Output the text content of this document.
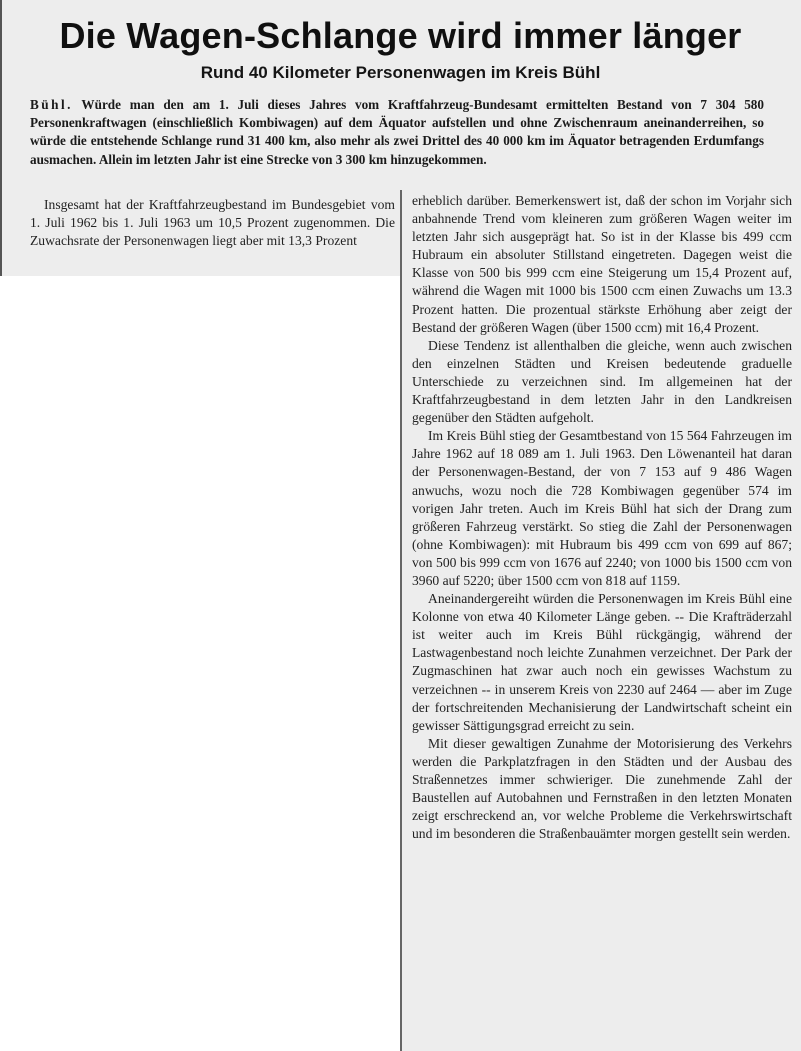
Die Wagen-Schlange wird immer länger
Rund 40 Kilometer Personenwagen im Kreis Bühl
Bühl. Würde man den am 1. Juli dieses Jahres vom Kraftfahrzeug-Bundesamt ermittelten Bestand von 7 304 580 Personenkraftwagen (einschließlich Kombiwagen) auf dem Äquator aufstellen und ohne Zwischenraum aneinanderreihen, so würde die entstehende Schlange rund 31 400 km, also mehr als zwei Drittel des 40 000 km im Äquator betragenden Erdumfangs ausmachen. Allein im letzten Jahr ist eine Strecke von 3 300 km hinzugekommen.

Insgesamt hat der Kraftfahrzeugbestand im Bundesgebiet vom 1. Juli 1962 bis 1. Juli 1963 um 10,5 Prozent zugenommen. Die Zuwachsrate der Personenwagen liegt aber mit 13,3 Prozent

erheblich darüber. Bemerkenswert ist, daß der schon im Vorjahr sich anbahnende Trend vom kleineren zum größeren Wagen weiter im letzten Jahr sich ausgeprägt hat. So ist in der Klasse bis 499 ccm Hubraum ein absoluter Stillstand eingetreten. Dagegen weist die Klasse von 500 bis 999 ccm eine Steigerung um 15,4 Prozent auf, während die Wagen mit 1000 bis 1500 ccm einen Zuwachs um 13.3 Prozent hatten. Die prozentual stärkste Erhöhung aber zeigt der Bestand der größeren Wagen (über 1500 ccm) mit 16,4 Prozent.

Diese Tendenz ist allenthalben die gleiche, wenn auch zwischen den einzelnen Städten und Kreisen bedeutende graduelle Unterschiede zu verzeichnen sind. Im allgemeinen hat der Kraftfahrzeugbestand in dem letzten Jahr in den Landkreisen gegenüber den Städten aufgeholt.

Im Kreis Bühl stieg der Gesamtbestand von 15 564 Fahrzeugen im Jahre 1962 auf 18 089 am 1. Juli 1963. Den Löwenanteil hat daran der Personenwagen-Bestand, der von 7 153 auf 9 486 Wagen anwuchs, wozu noch die 728 Kombiwagen gegenüber 574 im vorigen Jahr treten. Auch im Kreis Bühl hat sich der Drang zum größeren Fahrzeug verstärkt. So stieg die Zahl der Personenwagen (ohne Kombiwagen): mit Hubraum bis 499 ccm von 699 auf 867; von 500 bis 999 ccm von 1676 auf 2240; von 1000 bis 1500 ccm von 3960 auf 5220; über 1500 ccm von 818 auf 1159.

Aneinandergereiht würden die Personenwagen im Kreis Bühl eine Kolonne von etwa 40 Kilometer Länge geben. -- Die Krafträderzahl ist weiter auch im Kreis Bühl rückgängig, während der Lastwagenbestand noch leichte Zunahmen verzeichnet. Der Park der Zugmaschinen hat zwar auch noch ein gewisses Wachstum zu verzeichnen -- in unserem Kreis von 2230 auf 2464 — aber im Zuge der fortschreitenden Mechanisierung der Landwirtschaft scheint ein gewisser Sättigungsgrad erreicht zu sein.

Mit dieser gewaltigen Zunahme der Motorisierung des Verkehrs werden die Parkplatzfragen in den Städten und der Ausbau des Straßennetzes immer schwieriger. Die zunehmende Zahl der Baustellen auf Autobahnen und Fernstraßen in den letzten Monaten zeigt erschreckend an, vor welche Probleme die Verkehrswirtschaft und im besonderen die Straßenbauämter morgen gestellt sein werden.
